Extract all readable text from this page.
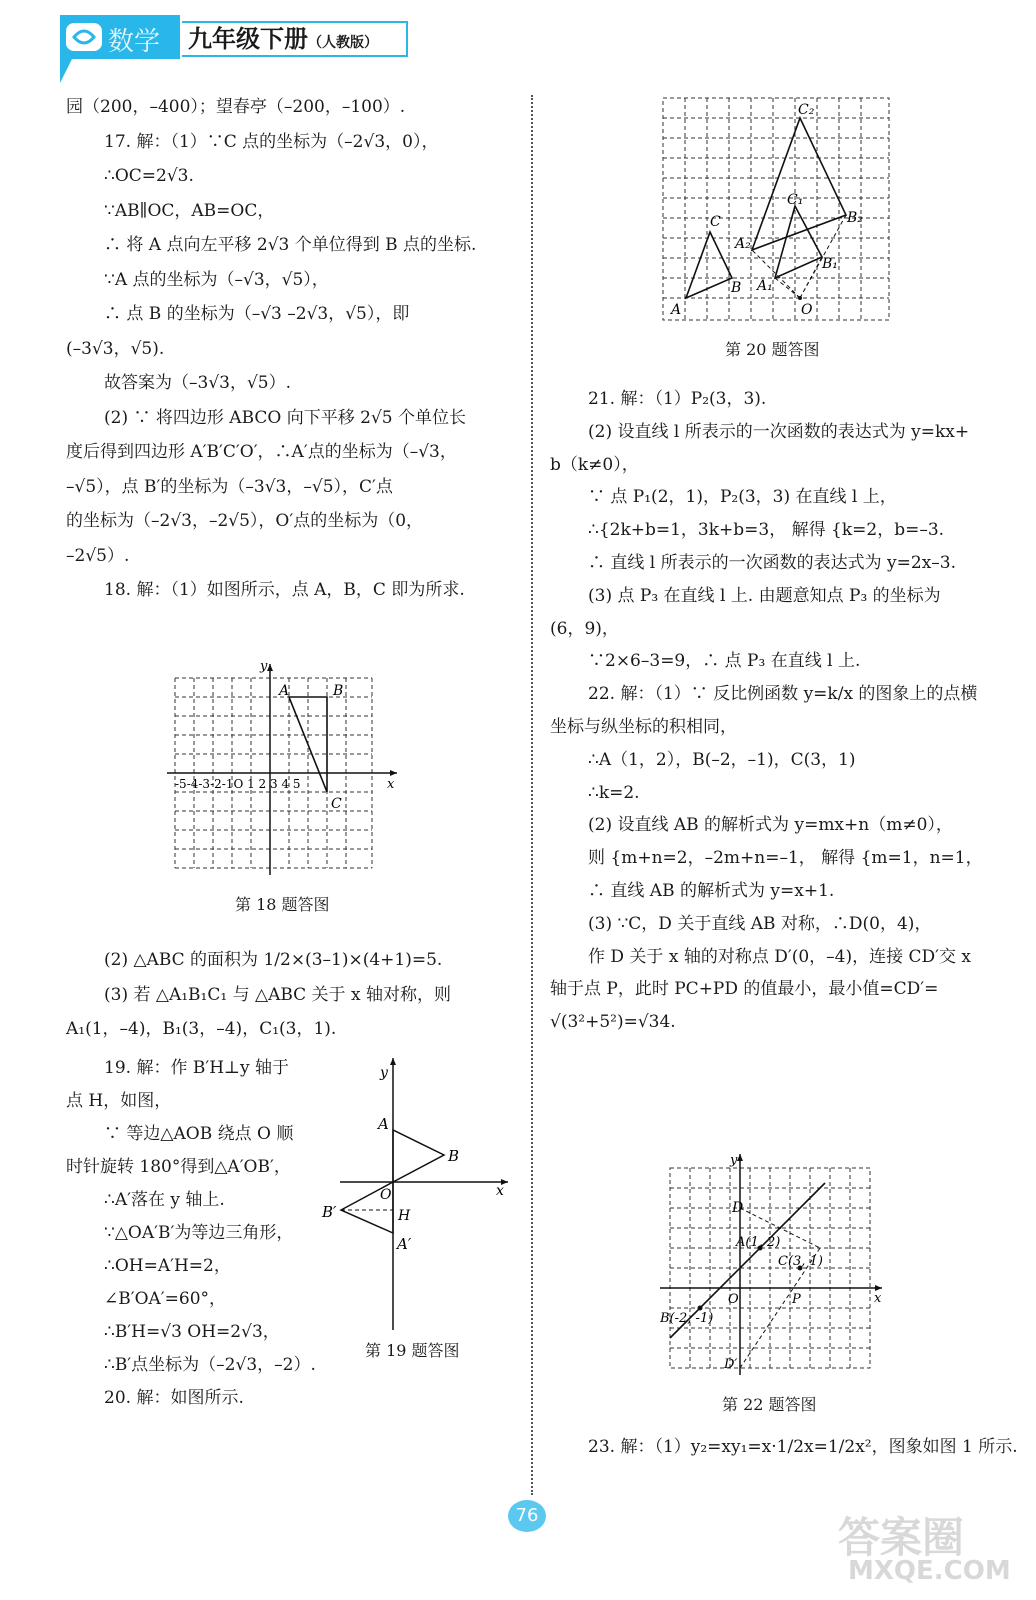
数学 九年级下册（人教版）
园（200，–400）；望春亭（–200，–100）.
17. 解：（1）∵C 点的坐标为（–2√3，0），
∴OC=2√3.
∵AB∥OC，AB=OC，
∴ 将 A 点向左平移 2√3 个单位得到 B 点的坐标.
∵A 点的坐标为（–√3，√5），
∴ 点 B 的坐标为（–√3 –2√3，√5），即
(–3√3，√5).
故答案为（–3√3，√5）.
(2) ∵ 将四边形 ABCO 向下平移 2√5 个单位长
度后得到四边形 A′B′C′O′，∴A′点的坐标为（–√3，
–√5），点 B′的坐标为（–3√3，–√5），C′点
的坐标为（–2√3，–2√5），O′点的坐标为（0，
–2√5）.
18. 解：（1）如图所示，点 A，B，C 即为所求.
A	B
C
y
x
-5-4-3-2-1O 1 2 3 4 5
第 18 题答图
(2) △ABC 的面积为 1/2×(3–1)×(4+1)=5.
(3) 若 △A₁B₁C₁ 与 △ABC 关于 x 轴对称，则
A₁(1，–4)，B₁(3，–4)，C₁(3，1).
19. 解：作 B′H⊥y 轴于
点 H，如图，
∵ 等边△AOB 绕点 O 顺
时针旋转 180°得到△A′OB′，
∴A′落在 y 轴上.
∵△OA′B′为等边三角形，
∴OH=A′H=2，
∠B′OA′=60°，
∴B′H=√3 OH=2√3，
∴B′点坐标为（–2√3，–2）.
20. 解：如图所示.
y
x
A
B
O
H
B′
A′
第 19 题答图
C₂
C₁
C	B₂
A₂
B₁
A₁
B
A	O
第 20 题答图
21. 解：（1）P₂(3，3).
(2) 设直线 l 所表示的一次函数的表达式为 y=kx+
b（k≠0），
∵ 点 P₁(2，1)，P₂(3，3) 在直线 l 上，
∴{2k+b=1，3k+b=3， 解得 {k=2，b=–3.
∴ 直线 l 所表示的一次函数的表达式为 y=2x–3.
(3) 点 P₃ 在直线 l 上. 由题意知点 P₃ 的坐标为
(6，9)，
∵2×6–3=9，∴ 点 P₃ 在直线 l 上.
22. 解：（1）∵ 反比例函数 y=k/x 的图象上的点横
坐标与纵坐标的积相同，
∴A（1，2），B(–2，–1)，C(3，1)
∴k=2.
(2) 设直线 AB 的解析式为 y=mx+n（m≠0），
则 {m+n=2，–2m+n=–1， 解得 {m=1，n=1，
∴ 直线 AB 的解析式为 y=x+1.
(3) ∵C，D 关于直线 AB 对称，∴D(0，4)，
作 D 关于 x 轴的对称点 D′(0，–4)，连接 CD′交 x
轴于点 P，此时 PC+PD 的值最小，最小值=CD′=
√(3²+5²)=√34.
y
x
D
A(1, 2)
C(3, 1)
O	P
B(-2, -1)
D′
第 22 题答图
23. 解：（1）y₂=xy₁=x·1/2x=1/2x²，图象如图 1 所示.
76	答案圈
MXQE.COM
